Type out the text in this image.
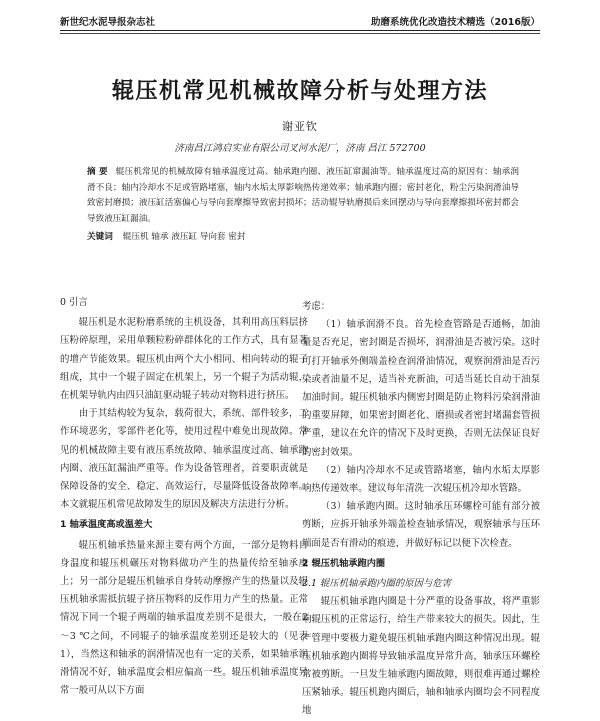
新世纪水泥导报杂志社	助磨系统优化改造技术精选（2016版）
辊压机常见机械故障分析与处理方法
谢亚钦
济南昌江鸿启实业有限公司叉河水泥厂，济南 昌江 572700
摘 要 辊压机常见的机械故障有轴承温度过高、轴承跑内圈、液压缸窜漏油等。轴承温度过高的原因有：轴承润滑不良；轴内冷却水不足或管路堵塞，轴内水垢太厚影响热传递效率；轴承跑内圈；密封老化，粉尘污染润滑油导致密封磨损；液压缸活塞偏心与导向套摩擦导致密封损坏；活动辊导轨磨损后来回摆动与导向套摩擦损坏密封都会导致液压缸漏油。
关键词 辊压机 轴承 液压缸 导向套 密封

0 引言

辊压机是水泥粉磨系统的主机设备，其利用高压料层挤压粉碎原理，采用单颗粒粉碎群体化的工作方式，具有显著的增产节能效果。辊压机由两个大小相同、相向转动的辊子组成，其中一个辊子固定在机架上，另一个辊子为活动辊，在机架导轨内由四只油缸驱动辊子转动对物料进行挤压。

由于其结构较为复杂，载荷很大，系统、部件较多，工作环境恶劣，零部件老化等，使用过程中难免出现故障。常见的机械故障主要有液压系统故障、轴承温度过高、轴承跑内圈、液压缸漏油严重等。作为设备管理者，首要职责就是保障设备的安全、稳定、高效运行，尽量降低设备故障率。本文就辊压机常见故障发生的原因及解决方法进行分析。

1 轴承温度高或温差大

辊压机轴承热量来源主要有两个方面，一部分是物料自身温度和辊压机碾压对物料做功产生的热量传给至轴承座上；另一部分是辊压机轴承自身转动摩擦产生的热量以及辊压机轴承需抵抗辊子挤压物料的反作用力产生的热量。正常情况下同一个辊子两端的轴承温度差别不是很大，一般在2～3 ℃之间，不同辊子的轴承温度差别还是较大的（见表1），当然这和轴承的润滑情况也有一定的关系，如果轴承润滑情况不好，轴承温度会相应偏高一些。辊压机轴承温度异常一般可从以下方面

考虑：

（1）轴承润滑不良。首先检查管路是否通畅，加油量是否充足，密封圈是否损坏，润滑油是否被污染。这时可打开轴承外侧端盖检查润滑油情况，观察润滑油是否污染或者油量不足，适当补充新油，可适当延长自动干油泵加油时间。辊压机轴承内侧密封圈是防止物料污染润滑油的重要屏障，如果密封圈老化、磨损或者密封堵漏套管损严重，建议在允许的情况下及时更换，否则无法保证良好的密封效果。

（2）轴内冷却水不足或管路堵塞，轴内水垢太厚影响热传递效率。建议每年清洗一次辊压机冷却水管路。

（3）轴承跑内圈。这时轴承压环螺栓可能有部分被剪断，应拆开轴承外端盖检查轴承情况，观察轴承与压环端面是否有滑动的痕迹，并做好标记以便下次检查。

2 辊压机轴承跑内圈

2.1 辊压机轴承跑内圈的原因与危害

辊压机轴承跑内圈是十分严重的设备事故，将严重影响辊压机的正常运行，给生产带来较大的损失。因此，生产管理中要极力避免辊压机轴承跑内圈这种情况出现。辊压机轴承跑内圈将导致轴承温度异常升高，轴承压环螺栓常被剪断。一旦发生轴承跑内圈故障，则很难再通过螺栓压紧轴承。辊压机跑内圈后，轴和轴承内圈均会不同程度地
